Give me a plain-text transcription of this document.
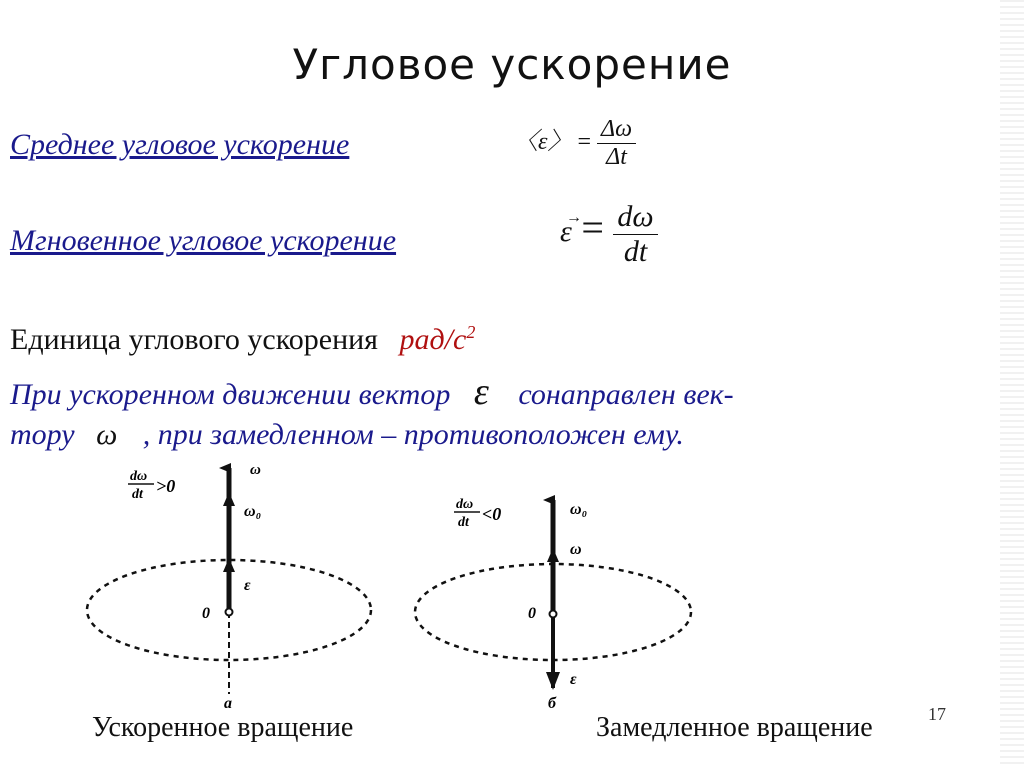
Угловое ускорение
Среднее угловое ускорение	〈ε〉 = $\frac{\Delta\omega}{\Delta t}$
Мгновенное угловое ускорение
→
$\varepsilon = \frac{d\omega}{dt}$
Единица углового ускорения рад/$с^2$
При ускоренном движении вектор ε сонаправлен век-
тору ω , при замедленном – противоположен ему.
dω
dt >0
ω
ω₀
ε
0
a
dω
dt <0	ω₀
ω
0
ε
б
Ускоренное вращение	Замедленное вращение	17
